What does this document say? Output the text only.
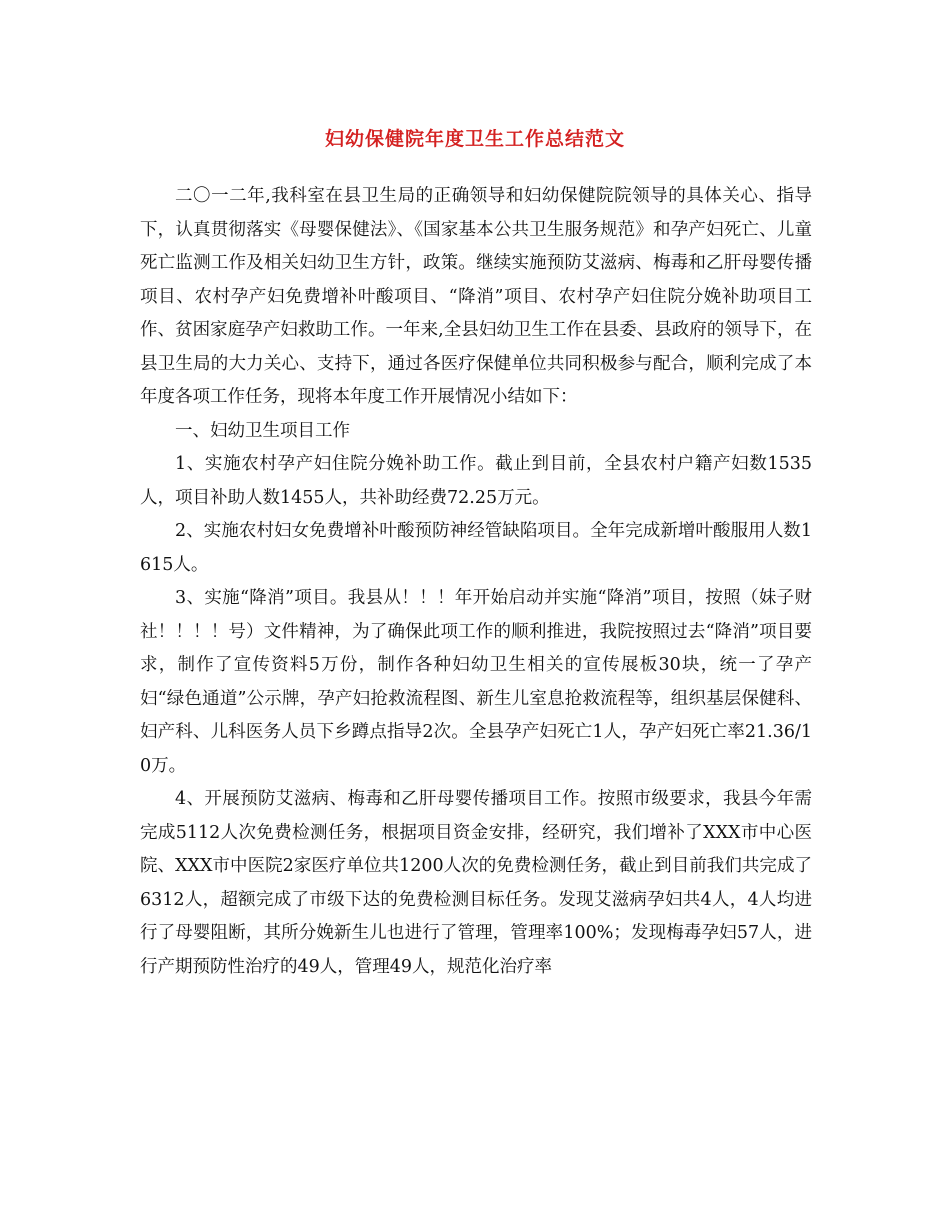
妇幼保健院年度卫生工作总结范文

二〇一二年,我科室在县卫生局的正确领导和妇幼保健院院领导的具体关心、指导下，认真贯彻落实《母婴保健法》、《国家基本公共卫生服务规范》和孕产妇死亡、儿童死亡监测工作及相关妇幼卫生方针，政策。继续实施预防艾滋病、梅毒和乙肝母婴传播项目、农村孕产妇免费增补叶酸项目、“降消”项目、农村孕产妇住院分娩补助项目工作、贫困家庭孕产妇救助工作。一年来,全县妇幼卫生工作在县委、县政府的领导下，在县卫生局的大力关心、支持下，通过各医疗保健单位共同积极参与配合，顺利完成了本年度各项工作任务，现将本年度工作开展情况小结如下：

一、妇幼卫生项目工作

1、实施农村孕产妇住院分娩补助工作。截止到目前，全县农村户籍产妇数1535人，项目补助人数1455人，共补助经费72.25万元。

2、实施农村妇女免费增补叶酸预防神经管缺陷项目。全年完成新增叶酸服用人数1615人。

3、实施“降消”项目。我县从！！！年开始启动并实施“降消”项目，按照（妹子财社！！！！号）文件精神，为了确保此项工作的顺利推进，我院按照过去“降消”项目要求，制作了宣传资料5万份，制作各种妇幼卫生相关的宣传展板30块，统一了孕产妇“绿色通道”公示牌，孕产妇抢救流程图、新生儿室息抢救流程等，组织基层保健科、妇产科、儿科医务人员下乡蹲点指导2次。全县孕产妇死亡1人，孕产妇死亡率21.36/10万。

4、开展预防艾滋病、梅毒和乙肝母婴传播项目工作。按照市级要求，我县今年需完成5112人次免费检测任务，根据项目资金安排，经研究，我们增补了XXX市中心医院、XXX市中医院2家医疗单位共1200人次的免费检测任务，截止到目前我们共完成了6312人，超额完成了市级下达的免费检测目标任务。发现艾滋病孕妇共4人，4人均进行了母婴阻断，其所分娩新生儿也进行了管理，管理率100%；发现梅毒孕妇57人，进行产期预防性治疗的49人，管理49人，规范化治疗率
